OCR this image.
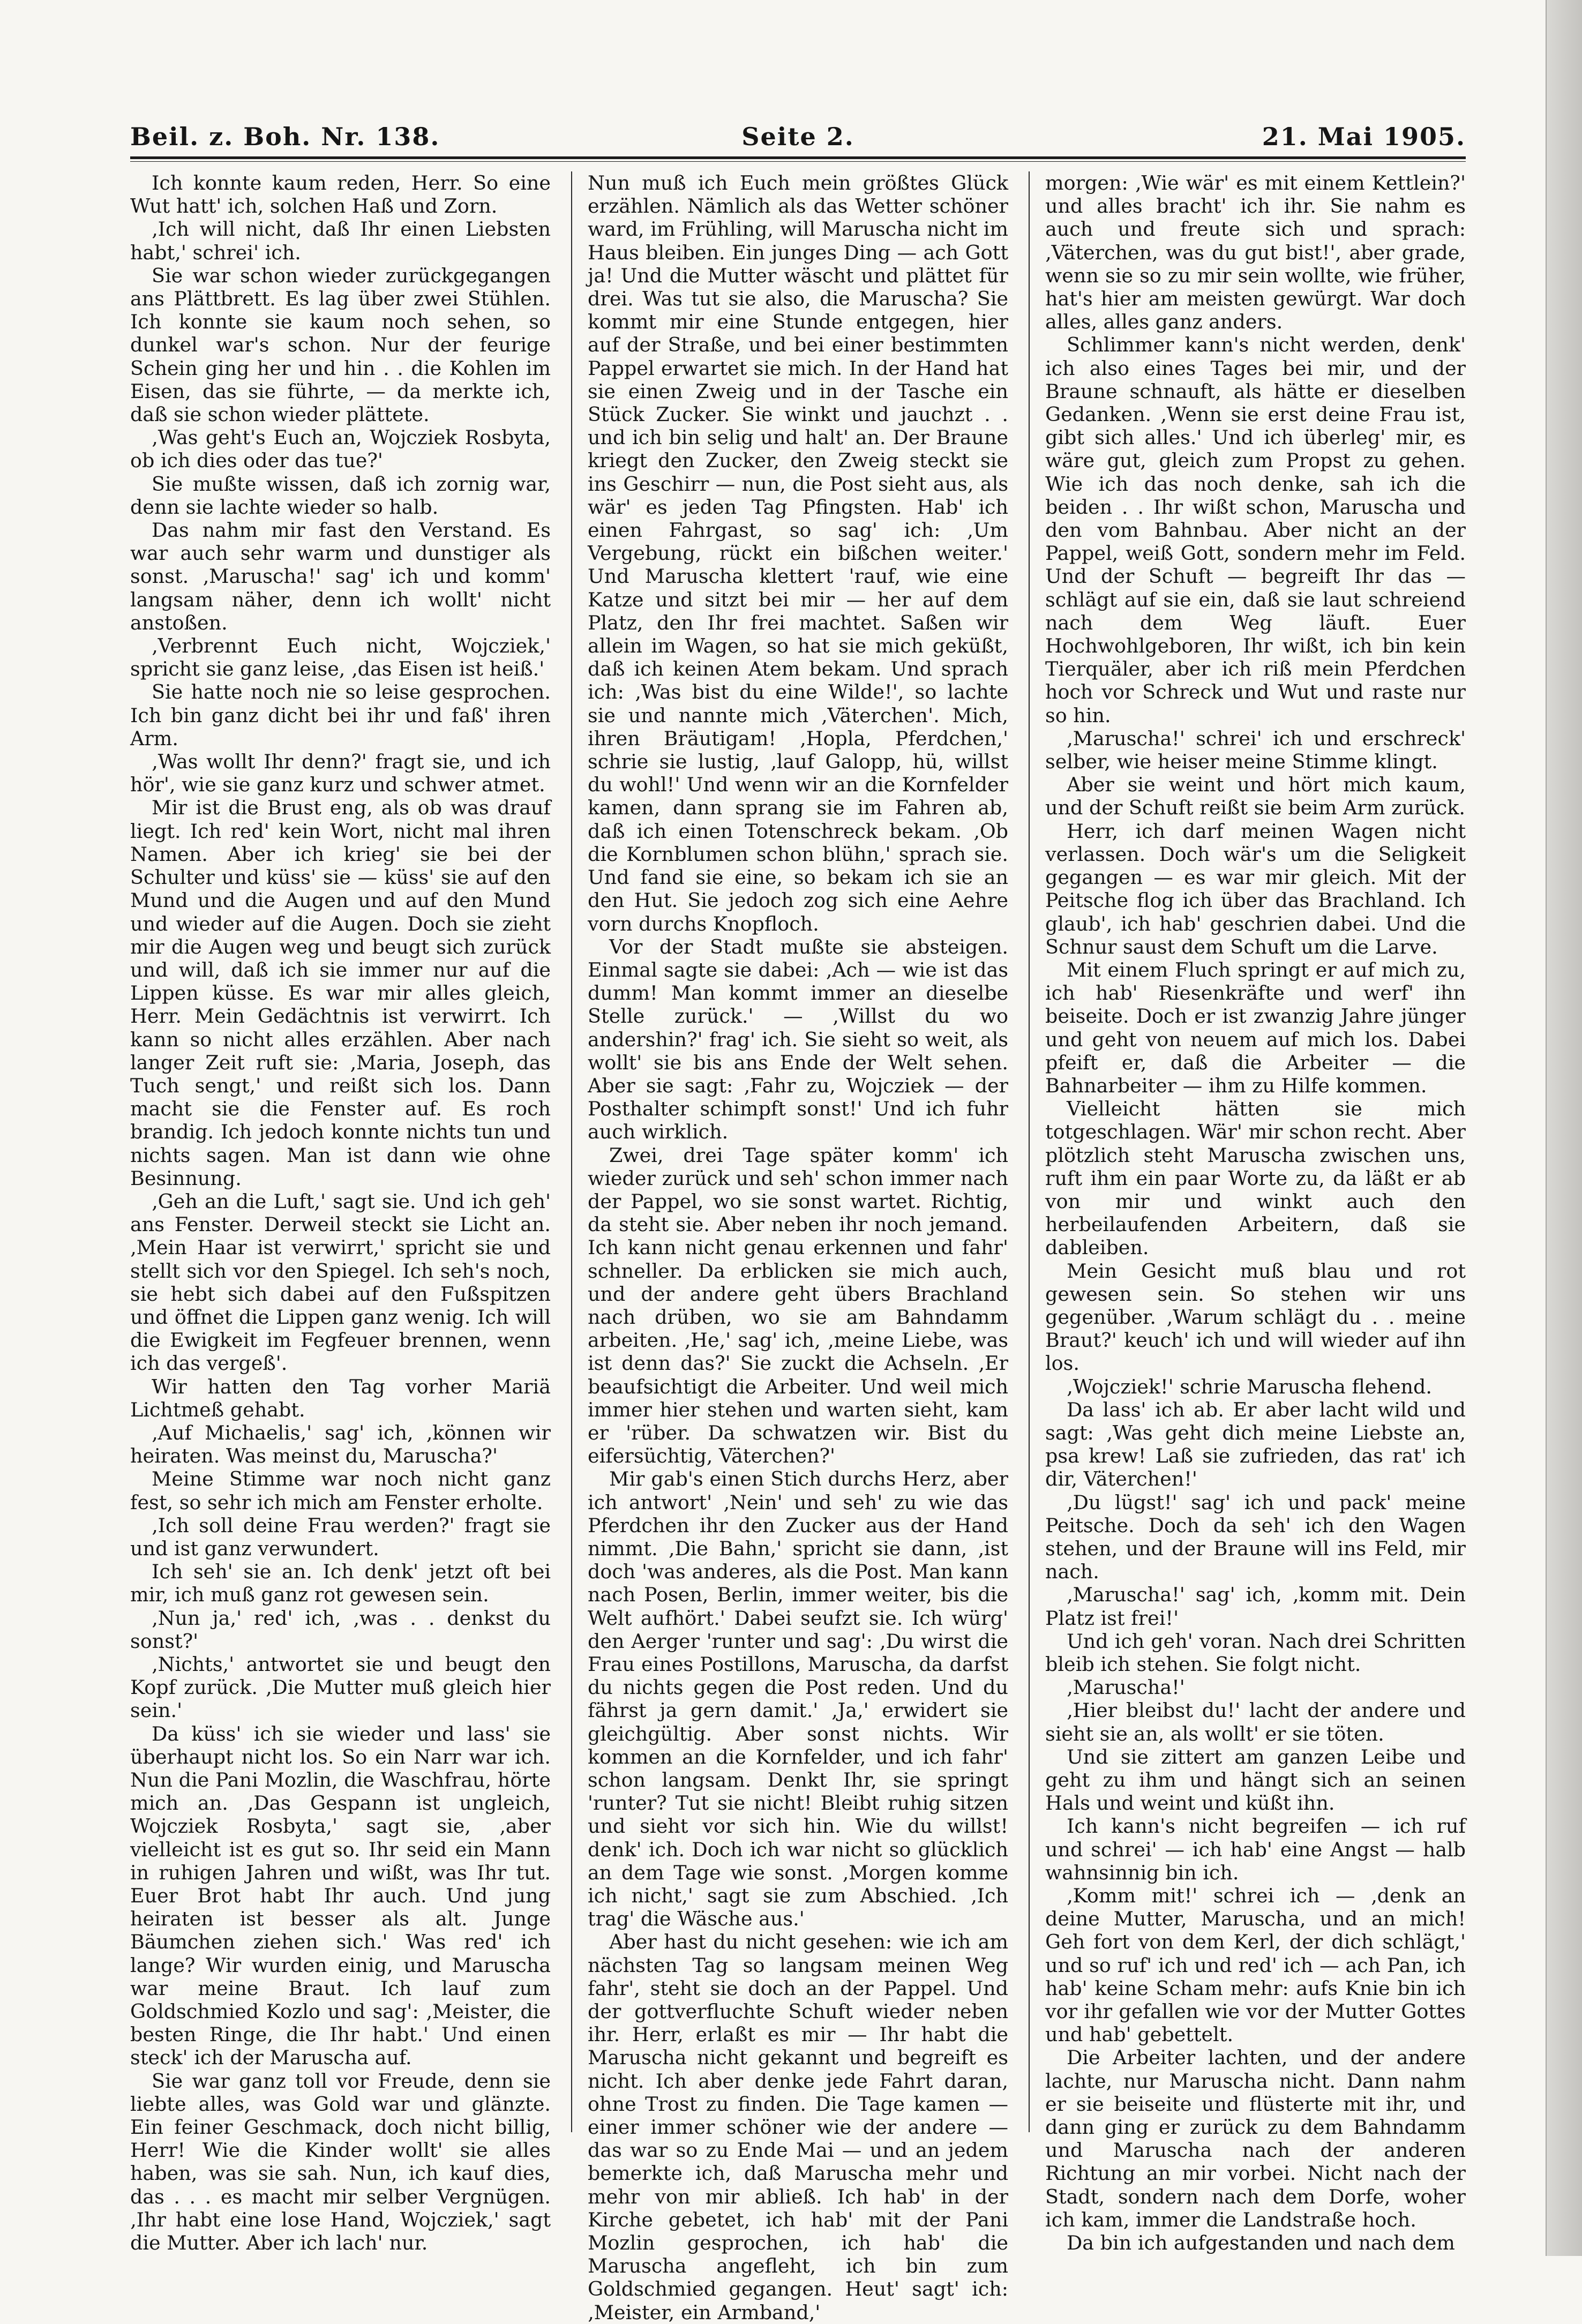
Beil. z. Boh. Nr. 138.	Seite 2.	21. Mai 1905.

Ich konnte kaum reden, Herr. So eine Wut hatt' ich, solchen Haß und Zorn.

‚Ich will nicht, daß Ihr einen Liebsten habt,' schrei' ich.

Sie war schon wieder zurückgegangen ans Plättbrett. Es lag über zwei Stühlen. Ich konnte sie kaum noch sehen, so dunkel war's schon. Nur der feurige Schein ging her und hin . . die Kohlen im Eisen, das sie führte, — da merkte ich, daß sie schon wieder plättete.

‚Was geht's Euch an, Wojcziek Rosbyta, ob ich dies oder das tue?'

Sie mußte wissen, daß ich zornig war, denn sie lachte wieder so halb.

Das nahm mir fast den Verstand. Es war auch sehr warm und dunstiger als sonst. ‚Maruscha!' sag' ich und komm' langsam näher, denn ich wollt' nicht anstoßen.

‚Verbrennt Euch nicht, Wojcziek,' spricht sie ganz leise, ‚das Eisen ist heiß.'

Sie hatte noch nie so leise gesprochen. Ich bin ganz dicht bei ihr und faß' ihren Arm.

‚Was wollt Ihr denn?' fragt sie, und ich hör', wie sie ganz kurz und schwer atmet.

Mir ist die Brust eng, als ob was drauf liegt. Ich red' kein Wort, nicht mal ihren Namen. Aber ich krieg' sie bei der Schulter und küss' sie — küss' sie auf den Mund und die Augen und auf den Mund und wieder auf die Augen. Doch sie zieht mir die Augen weg und beugt sich zurück und will, daß ich sie immer nur auf die Lippen küsse. Es war mir alles gleich, Herr. Mein Gedächtnis ist verwirrt. Ich kann so nicht alles erzählen. Aber nach langer Zeit ruft sie: ‚Maria, Joseph, das Tuch sengt,' und reißt sich los. Dann macht sie die Fenster auf. Es roch brandig. Ich jedoch konnte nichts tun und nichts sagen. Man ist dann wie ohne Besinnung.

‚Geh an die Luft,' sagt sie. Und ich geh' ans Fenster. Derweil steckt sie Licht an. ‚Mein Haar ist verwirrt,' spricht sie und stellt sich vor den Spiegel. Ich seh's noch, sie hebt sich dabei auf den Fußspitzen und öffnet die Lippen ganz wenig. Ich will die Ewigkeit im Fegfeuer brennen, wenn ich das vergeß'.

Wir hatten den Tag vorher Mariä Lichtmeß gehabt.

‚Auf Michaelis,' sag' ich, ‚können wir heiraten. Was meinst du, Maruscha?'

Meine Stimme war noch nicht ganz fest, so sehr ich mich am Fenster erholte.

‚Ich soll deine Frau werden?' fragt sie und ist ganz verwundert.

Ich seh' sie an. Ich denk' jetzt oft bei mir, ich muß ganz rot gewesen sein.

‚Nun ja,' red' ich, ‚was . . denkst du sonst?'

‚Nichts,' antwortet sie und beugt den Kopf zurück. ‚Die Mutter muß gleich hier sein.'

Da küss' ich sie wieder und lass' sie überhaupt nicht los. So ein Narr war ich. Nun die Pani Mozlin, die Waschfrau, hörte mich an. ‚Das Gespann ist ungleich, Wojcziek Rosbyta,' sagt sie, ‚aber vielleicht ist es gut so. Ihr seid ein Mann in ruhigen Jahren und wißt, was Ihr tut. Euer Brot habt Ihr auch. Und jung heiraten ist besser als alt. Junge Bäumchen ziehen sich.' Was red' ich lange? Wir wurden einig, und Maruscha war meine Braut. Ich lauf zum Goldschmied Kozlo und sag': ‚Meister, die besten Ringe, die Ihr habt.' Und einen steck' ich der Maruscha auf.

Sie war ganz toll vor Freude, denn sie liebte alles, was Gold war und glänzte. Ein feiner Geschmack, doch nicht billig, Herr! Wie die Kinder wollt' sie alles haben, was sie sah. Nun, ich kauf dies, das . . . es macht mir selber Vergnügen. ‚Ihr habt eine lose Hand, Wojcziek,' sagt die Mutter. Aber ich lach' nur.

Nun muß ich Euch mein größtes Glück erzählen. Nämlich als das Wetter schöner ward, im Frühling, will Maruscha nicht im Haus bleiben. Ein junges Ding — ach Gott ja! Und die Mutter wäscht und plättet für drei. Was tut sie also, die Maruscha? Sie kommt mir eine Stunde entgegen, hier auf der Straße, und bei einer bestimmten Pappel erwartet sie mich. In der Hand hat sie einen Zweig und in der Tasche ein Stück Zucker. Sie winkt und jauchzt . . und ich bin selig und halt' an. Der Braune kriegt den Zucker, den Zweig steckt sie ins Geschirr — nun, die Post sieht aus, als wär' es jeden Tag Pfingsten. Hab' ich einen Fahrgast, so sag' ich: ‚Um Vergebung, rückt ein bißchen weiter.' Und Maruscha klettert 'rauf, wie eine Katze und sitzt bei mir — her auf dem Platz, den Ihr frei machtet. Saßen wir allein im Wagen, so hat sie mich geküßt, daß ich keinen Atem bekam. Und sprach ich: ‚Was bist du eine Wilde!', so lachte sie und nannte mich ‚Väterchen'. Mich, ihren Bräutigam! ‚Hopla, Pferdchen,' schrie sie lustig, ‚lauf Galopp, hü, willst du wohl!' Und wenn wir an die Kornfelder kamen, dann sprang sie im Fahren ab, daß ich einen Totenschreck bekam. ‚Ob die Kornblumen schon blühn,' sprach sie. Und fand sie eine, so bekam ich sie an den Hut. Sie jedoch zog sich eine Aehre vorn durchs Knopfloch.

Vor der Stadt mußte sie absteigen. Einmal sagte sie dabei: ‚Ach — wie ist das dumm! Man kommt immer an dieselbe Stelle zurück.' — ‚Willst du wo andershin?' frag' ich. Sie sieht so weit, als wollt' sie bis ans Ende der Welt sehen. Aber sie sagt: ‚Fahr zu, Wojcziek — der Posthalter schimpft sonst!' Und ich fuhr auch wirklich.

Zwei, drei Tage später komm' ich wieder zurück und seh' schon immer nach der Pappel, wo sie sonst wartet. Richtig, da steht sie. Aber neben ihr noch jemand. Ich kann nicht genau erkennen und fahr' schneller. Da erblicken sie mich auch, und der andere geht übers Brachland nach drüben, wo sie am Bahndamm arbeiten. ‚He,' sag' ich, ‚meine Liebe, was ist denn das?' Sie zuckt die Achseln. ‚Er beaufsichtigt die Arbeiter. Und weil mich immer hier stehen und warten sieht, kam er 'rüber. Da schwatzen wir. Bist du eifersüchtig, Väterchen?'

Mir gab's einen Stich durchs Herz, aber ich antwort' ‚Nein' und seh' zu wie das Pferdchen ihr den Zucker aus der Hand nimmt. ‚Die Bahn,' spricht sie dann, ‚ist doch 'was anderes, als die Post. Man kann nach Posen, Berlin, immer weiter, bis die Welt aufhört.' Dabei seufzt sie. Ich würg' den Aerger 'runter und sag': ‚Du wirst die Frau eines Postillons, Maruscha, da darfst du nichts gegen die Post reden. Und du fährst ja gern damit.' ‚Ja,' erwidert sie gleichgültig. Aber sonst nichts. Wir kommen an die Kornfelder, und ich fahr' schon langsam. Denkt Ihr, sie springt 'runter? Tut sie nicht! Bleibt ruhig sitzen und sieht vor sich hin. Wie du willst! denk' ich. Doch ich war nicht so glücklich an dem Tage wie sonst. ‚Morgen komme ich nicht,' sagt sie zum Abschied. ‚Ich trag' die Wäsche aus.'

Aber hast du nicht gesehen: wie ich am nächsten Tag so langsam meinen Weg fahr', steht sie doch an der Pappel. Und der gottverfluchte Schuft wieder neben ihr. Herr, erlaßt es mir — Ihr habt die Maruscha nicht gekannt und begreift es nicht. Ich aber denke jede Fahrt daran, ohne Trost zu finden. Die Tage kamen — einer immer schöner wie der andere — das war so zu Ende Mai — und an jedem bemerkte ich, daß Maruscha mehr und mehr von mir abließ. Ich hab' in der Kirche gebetet, ich hab' mit der Pani Mozlin gesprochen, ich hab' die Maruscha angefleht, ich bin zum Goldschmied gegangen. Heut' sagt' ich: ‚Meister, ein Armband,'

morgen: ‚Wie wär' es mit einem Kettlein?' und alles bracht' ich ihr. Sie nahm es auch und freute sich und sprach: ‚Väterchen, was du gut bist!', aber grade, wenn sie so zu mir sein wollte, wie früher, hat's hier am meisten gewürgt. War doch alles, alles ganz anders.

Schlimmer kann's nicht werden, denk' ich also eines Tages bei mir, und der Braune schnauft, als hätte er dieselben Gedanken. ‚Wenn sie erst deine Frau ist, gibt sich alles.' Und ich überleg' mir, es wäre gut, gleich zum Propst zu gehen. Wie ich das noch denke, sah ich die beiden . . Ihr wißt schon, Maruscha und den vom Bahnbau. Aber nicht an der Pappel, weiß Gott, sondern mehr im Feld. Und der Schuft — begreift Ihr das — schlägt auf sie ein, daß sie laut schreiend nach dem Weg läuft. Euer Hochwohlgeboren, Ihr wißt, ich bin kein Tierquäler, aber ich riß mein Pferdchen hoch vor Schreck und Wut und raste nur so hin.

‚Maruscha!' schrei' ich und erschreck' selber, wie heiser meine Stimme klingt.

Aber sie weint und hört mich kaum, und der Schuft reißt sie beim Arm zurück.

Herr, ich darf meinen Wagen nicht verlassen. Doch wär's um die Seligkeit gegangen — es war mir gleich. Mit der Peitsche flog ich über das Brachland. Ich glaub', ich hab' geschrien dabei. Und die Schnur saust dem Schuft um die Larve.

Mit einem Fluch springt er auf mich zu, ich hab' Riesenkräfte und werf' ihn beiseite. Doch er ist zwanzig Jahre jünger und geht von neuem auf mich los. Dabei pfeift er, daß die Arbeiter — die Bahnarbeiter — ihm zu Hilfe kommen.

Vielleicht hätten sie mich totgeschlagen. Wär' mir schon recht. Aber plötzlich steht Maruscha zwischen uns, ruft ihm ein paar Worte zu, da läßt er ab von mir und winkt auch den herbeilaufenden Arbeitern, daß sie dableiben.

Mein Gesicht muß blau und rot gewesen sein. So stehen wir uns gegenüber. ‚Warum schlägt du . . meine Braut?' keuch' ich und will wieder auf ihn los.

‚Wojcziek!' schrie Maruscha flehend.

Da lass' ich ab. Er aber lacht wild und sagt: ‚Was geht dich meine Liebste an, psa krew! Laß sie zufrieden, das rat' ich dir, Väterchen!'

‚Du lügst!' sag' ich und pack' meine Peitsche. Doch da seh' ich den Wagen stehen, und der Braune will ins Feld, mir nach.

‚Maruscha!' sag' ich, ‚komm mit. Dein Platz ist frei!'

Und ich geh' voran. Nach drei Schritten bleib ich stehen. Sie folgt nicht.

‚Maruscha!'

‚Hier bleibst du!' lacht der andere und sieht sie an, als wollt' er sie töten.

Und sie zittert am ganzen Leibe und geht zu ihm und hängt sich an seinen Hals und weint und küßt ihn.

Ich kann's nicht begreifen — ich ruf und schrei' — ich hab' eine Angst — halb wahnsinnig bin ich.

‚Komm mit!' schrei ich — ‚denk an deine Mutter, Maruscha, und an mich! Geh fort von dem Kerl, der dich schlägt,' und so ruf' ich und red' ich — ach Pan, ich hab' keine Scham mehr: aufs Knie bin ich vor ihr gefallen wie vor der Mutter Gottes und hab' gebettelt.

Die Arbeiter lachten, und der andere lachte, nur Maruscha nicht. Dann nahm er sie beiseite und flüsterte mit ihr, und dann ging er zurück zu dem Bahndamm und Maruscha nach der anderen Richtung an mir vorbei. Nicht nach der Stadt, sondern nach dem Dorfe, woher ich kam, immer die Landstraße hoch.

Da bin ich aufgestanden und nach dem
